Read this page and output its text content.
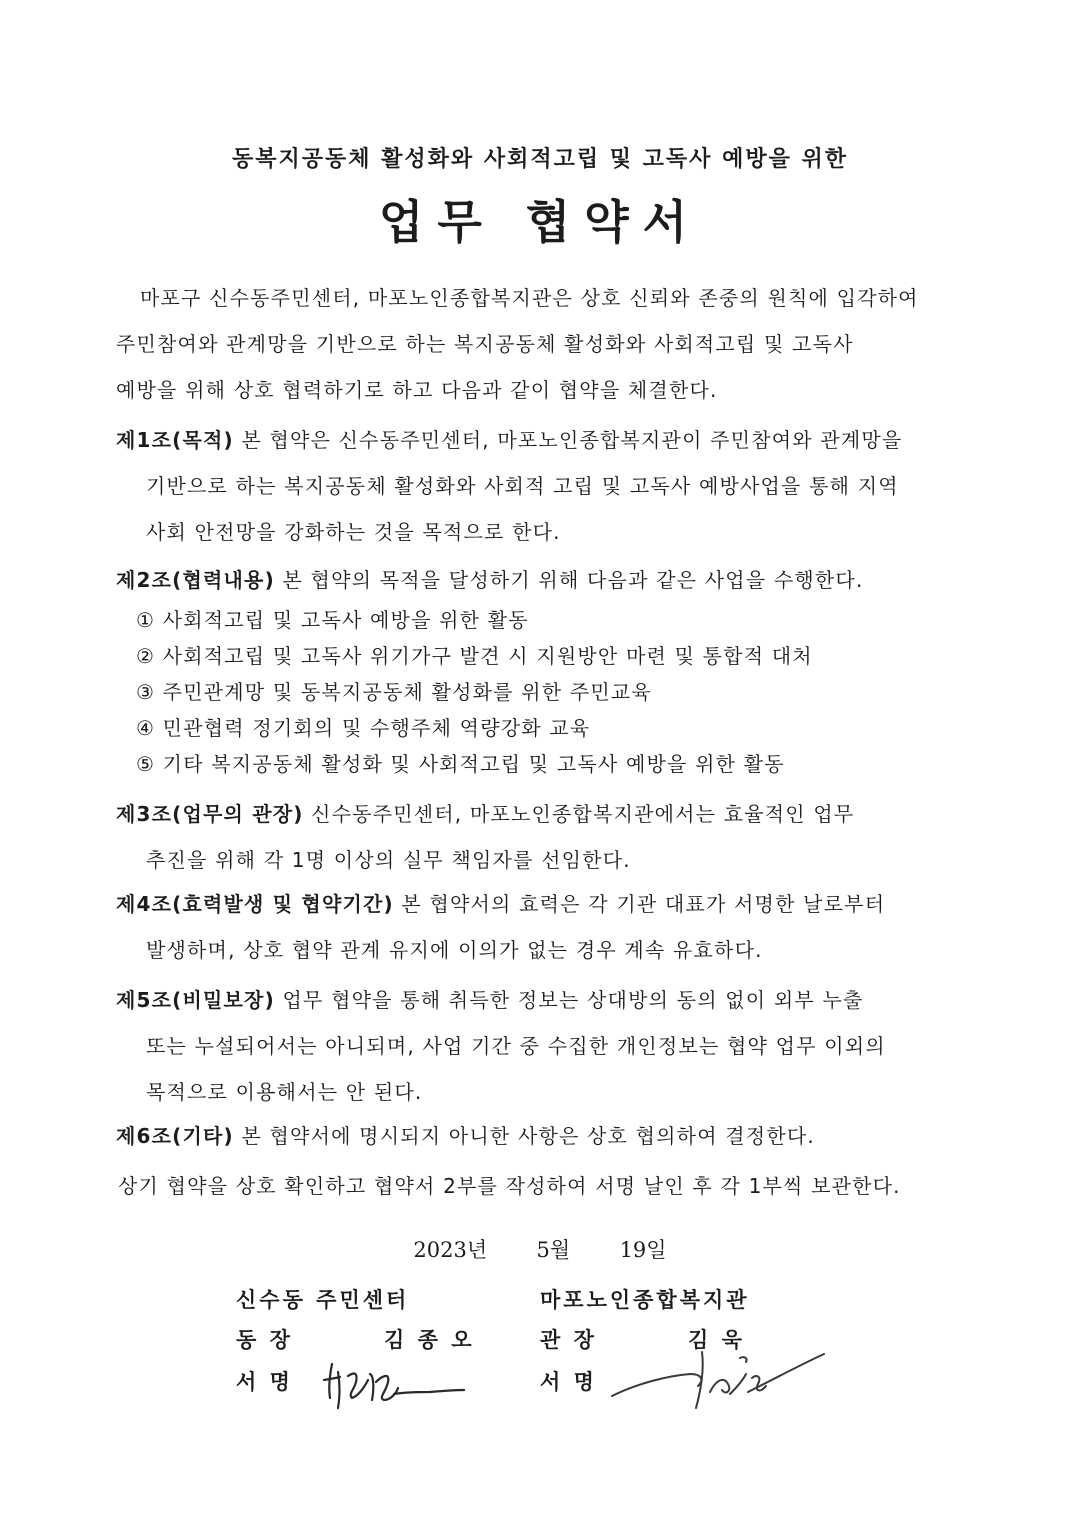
동복지공동체 활성화와 사회적고립 및 고독사 예방을 위한
업무 협약서
마포구 신수동주민센터, 마포노인종합복지관은 상호 신뢰와 존중의 원칙에 입각하여
주민참여와 관계망을 기반으로 하는 복지공동체 활성화와 사회적고립 및 고독사
예방을 위해 상호 협력하기로 하고 다음과 같이 협약을 체결한다.
제1조(목적) 본 협약은 신수동주민센터, 마포노인종합복지관이 주민참여와 관계망을
기반으로 하는 복지공동체 활성화와 사회적 고립 및 고독사 예방사업을 통해 지역
사회 안전망을 강화하는 것을 목적으로 한다.
제2조(협력내용) 본 협약의 목적을 달성하기 위해 다음과 같은 사업을 수행한다.
① 사회적고립 및 고독사 예방을 위한 활동
② 사회적고립 및 고독사 위기가구 발견 시 지원방안 마련 및 통합적 대처
③ 주민관계망 및 동복지공동체 활성화를 위한 주민교육
④ 민관협력 정기회의 및 수행주체 역량강화 교육
⑤ 기타 복지공동체 활성화 및 사회적고립 및 고독사 예방을 위한 활동
제3조(업무의 관장) 신수동주민센터, 마포노인종합복지관에서는 효율적인 업무
추진을 위해 각 1명 이상의 실무 책임자를 선임한다.
제4조(효력발생 및 협약기간) 본 협약서의 효력은 각 기관 대표가 서명한 날로부터
발생하며, 상호 협약 관계 유지에 이의가 없는 경우 계속 유효하다.
제5조(비밀보장) 업무 협약을 통해 취득한 정보는 상대방의 동의 없이 외부 누출
또는 누설되어서는 아니되며, 사업 기간 중 수집한 개인정보는 협약 업무 이외의
목적으로 이용해서는 안 된다.
제6조(기타) 본 협약서에 명시되지 아니한 사항은 상호 협의하여 결정한다.
상기 협약을 상호 확인하고 협약서 2부를 작성하여 서명 날인 후 각 1부씩 보관한다.
2023년 5월 19일
신수동 주민센터
동 장	김 종 오
서 명
마포노인종합복지관
관 장	김 욱
서 명
